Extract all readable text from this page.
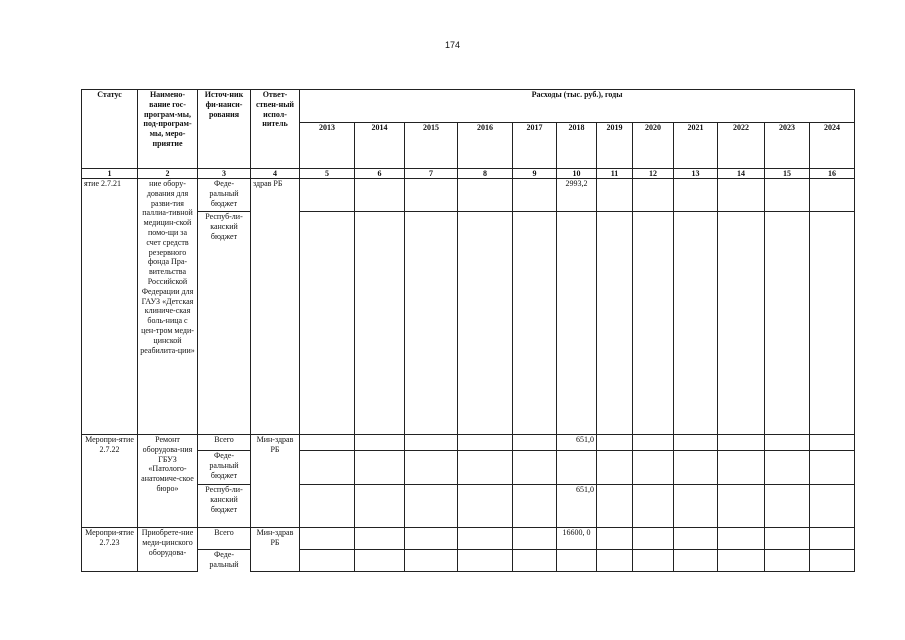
174
Статус	Наимено-вание гос-програм-мы, под-програм-мы, меро-приятие	Источ-ник фи-нанси-рования	Ответ-ствен-ный испол-нитель	Расходы (тыс. руб.), годы											
				2013	2014	2015	2016	2017	2018	2019	2020	2021	2022	2023	2024
1	2	3	4	5	6	7	8	9	10	11	12	13	14	15	16
ятие 2.7.21	ние обору-дования для разви-тия паллиа-тивной медицин-ской помо-щи за счет средств резервного фонда Пра-вительства Российской Федерации для ГАУЗ «Детская клиниче-ская боль-ница с цен-тром меди-цинской реабилита-ции»	Феде-ральный бюджет	здрав РБ						2993,2						
		Респуб-ли-канский бюджет													
Меропри-ятие 2.7.22	Ремонт оборудова-ния ГБУЗ «Патолого-анатомиче-ское бюро»	Всего	Мин-здрав РБ						651,0						
		Феде-ральный бюджет													
		Респуб-ли-канский бюджет							651,0						
Меропри-ятие 2.7.23	Приобрете-ние меди-цинского оборудова-	Всего	Мин-здрав РБ						16600, 0						
		Феде-ральный													
